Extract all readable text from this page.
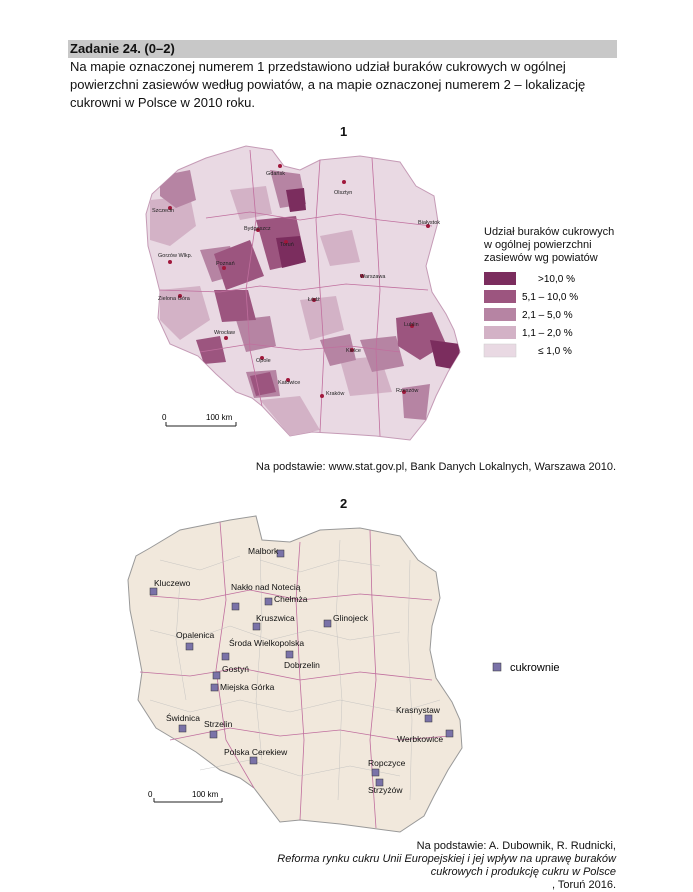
Zadanie 24. (0–2)
Na mapie oznaczonej numerem 1 przedstawiono udział buraków cukrowych w ogólnej
powierzchni zasiewów według powiatów, a na mapie oznaczonej numerem 2 – lokalizację
cukrowni w Polsce w 2010 roku.
1
2
Gdańsk
Olsztyn
Szczecin
Białystok
Bydgoszcz
Toruń
Gorzów Wlkp.
Poznań
Warszawa
Zielona Góra	Łódź
Lublin
Wrocław
Kielce
Opole
Katowice
Rzeszów
Kraków
0	100 km
>10,0 %
5,1 – 10,0 %
2,1 – 5,0 %
1,1 – 2,0 %
≤ 1,0 %
Malbork
Kluczewo	Nakło nad Notecią
Chełmża
Kruszwica	Glinojeck
Opalenica
Środa Wielkopolska
Dobrzelin
Gostyń
Miejska Górka
Świdnica
Strzelin
Krasnystaw
Werbkowice
Polska Cerekiew
Ropczyce
Strzyżów
0	100 km
cukrownie
Udział buraków cukrowych
w ogólnej powierzchni
zasiewów wg powiatów
Na podstawie: www.stat.gov.pl, Bank Danych Lokalnych, Warszawa 2010.
Na podstawie: A. Dubownik, R. Rudnicki,
Reforma rynku cukru Unii Europejskiej i jej wpływ na uprawę buraków
cukrowych i produkcję cukru w Polsce
, Toruń 2016.
